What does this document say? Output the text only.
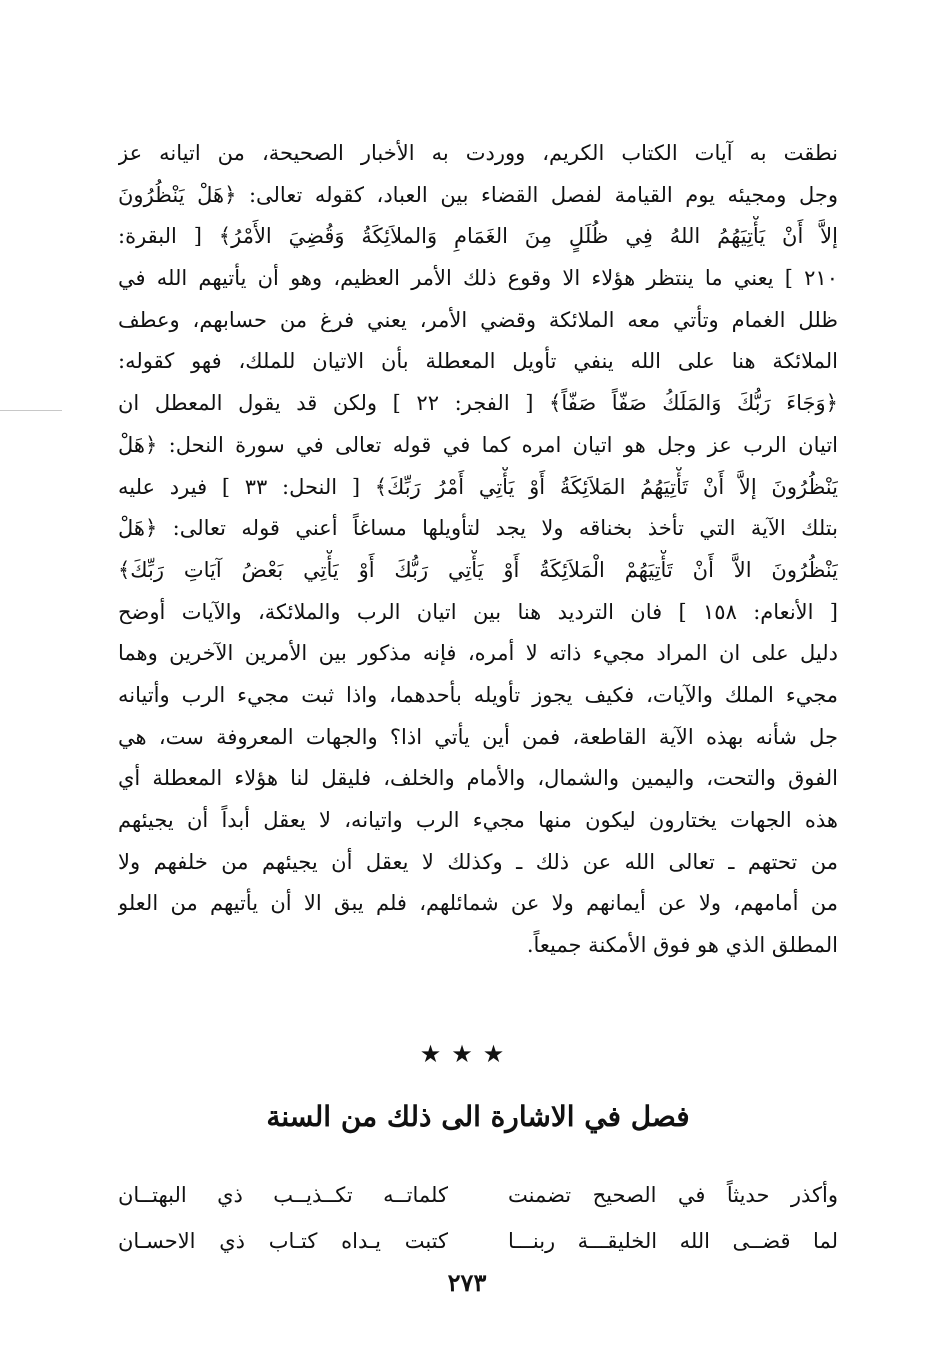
نطقت به آيات الكتاب الكريم، ووردت به الأخبار الصحيحة، من اتيانه عز
وجل ومجيئه يوم القيامة لفصل القضاء بين العباد، كقوله تعالى: ﴿هَلْ يَنْظُرُونَ
إلاَّ أَنْ يَأْتِيَهُمُ اللهُ فِي ظُلَلٍ مِنَ الغَمَامِ وَالملاَئِكَةُ وَقُضِيَ الأَمْرُ﴾ [ البقرة:
٢١٠ ] يعني ما ينتظر هؤلاء الا وقوع ذلك الأمر العظيم، وهو أن يأتيهم الله في
ظلل الغمام وتأتي معه الملائكة وقضي الأمر، يعني فرغ من حسابهم، وعطف
الملائكة هنا على الله ينفي تأويل المعطلة بأن الاتيان للملك، فهو كقوله:
﴿وَجَاءَ رَبُّكَ وَالمَلَكُ صَفّاً صَفّاً﴾ [ الفجر: ٢٢ ] ولكن قد يقول المعطل ان
اتيان الرب عز وجل هو اتيان امره كما في قوله تعالى في سورة النحل: ﴿هَلْ
يَنْظُرُونَ إلاَّ أَنْ تَأْتِيَهُمُ المَلاَئِكَةُ أَوْ يَأْتِي أَمْرُ رَبِّكَ﴾ [ النحل: ٣٣ ] فيرد عليه
بتلك الآية التي تأخذ بخناقه ولا يجد لتأويلها مساغاً أعني قوله تعالى: ﴿هَلْ
يَنْظُرُونَ الاَّ أَنْ تَأْتِيَهُمْ الْمَلاَئِكَةُ أَوْ يَأْتِي رَبُّكَ أَوْ يَأْتِي بَعْضُ آيَاتِ رَبِّكَ﴾
[ الأنعام: ١٥٨ ] فان الترديد هنا بين اتيان الرب والملائكة، والآيات أوضح
دليل على ان المراد مجيء ذاته لا أمره، فإنه مذكور بين الأمرين الآخرين وهما
مجيء الملك والآيات، فكيف يجوز تأويله بأحدهما، واذا ثبت مجيء الرب وأتيانه
جل شأنه بهذه الآية القاطعة، فمن أين يأتي اذا؟ والجهات المعروفة ست، هي
الفوق والتحت، واليمين والشمال، والأمام والخلف، فليقل لنا هؤلاء المعطلة أي
هذه الجهات يختارون ليكون منها مجيء الرب واتيانه، لا يعقل أبداً أن يجيئهم
من تحتهم ـ تعالى الله عن ذلك ـ وكذلك لا يعقل أن يجيئهم من خلفهم ولا
من أمامهم، ولا عن أيمانهم ولا عن شمائلهم، فلم يبق الا أن يأتيهم من العلو
المطلق الذي هو فوق الأمكنة جميعاً.
★★★
فصل في الاشارة الى ذلك من السنة
وأكذر حديثاً في الصحيح تضمنت
كلماتــه تكــذيــب ذي البهتــان
لما قضــى الله الخليقـــة ربنـــا
كتبت يـداه كتـاب ذي الاحسـان
٢٧٣
